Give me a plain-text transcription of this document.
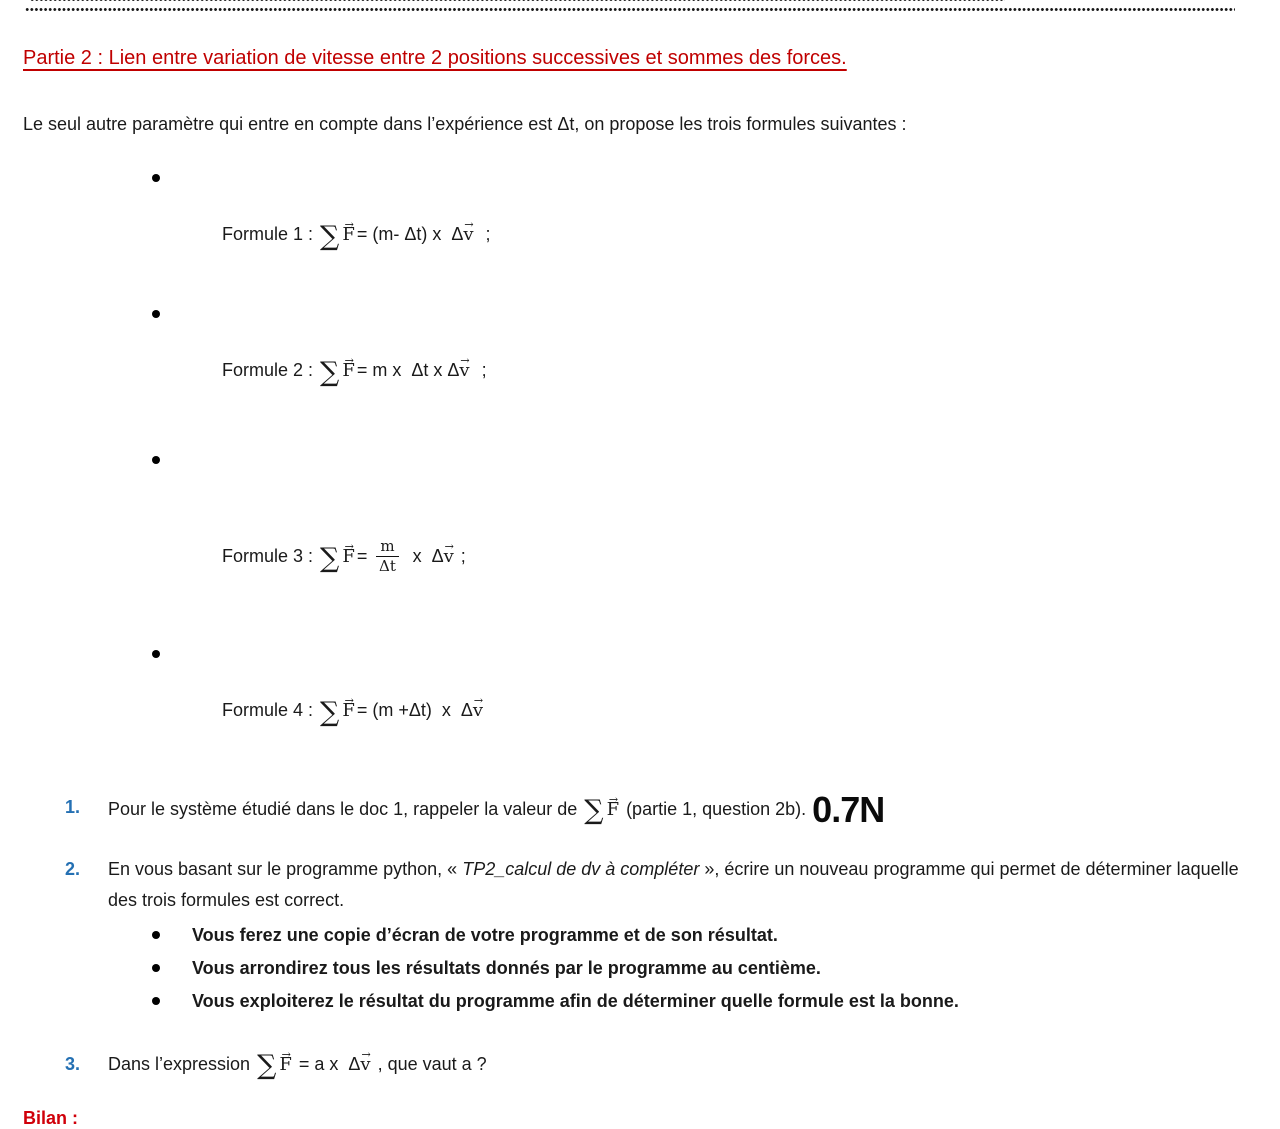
Partie 2 : Lien entre variation de vitesse entre 2 positions successives et sommes des forces.

Le seul autre paramètre qui entre en compte dans l’expérience est Δt, on propose les trois formules suivantes :

Formule 1 : ∑ F → = (m- Δt) x  Δv →  ;

Formule 2 : ∑ F → = m x  Δt x Δv →  ;

Formule 3 : ∑ F → = $\frac{m}{\Delta t}$ x  Δv → ;

Formule 4 : ∑ F → = (m +Δt)  x  Δv →

1. Pour le système étudié dans le doc 1, rappeler la valeur de ∑ F → (partie 1, question 2b). 0.7N
2. En vous basant sur le programme python, « TP2_calcul de dv à compléter », écrire un nouveau programme qui permet de déterminer laquelle des trois formules est correct.
Vous ferez une copie d’écran de votre programme et de son résultat.
Vous arrondirez tous les résultats donnés par le programme au centième.
Vous exploiterez le résultat du programme afin de déterminer quelle formule est la bonne.
3. Dans l’expression ∑ F → = a x  Δv → , que vaut a ?
Bilan :
